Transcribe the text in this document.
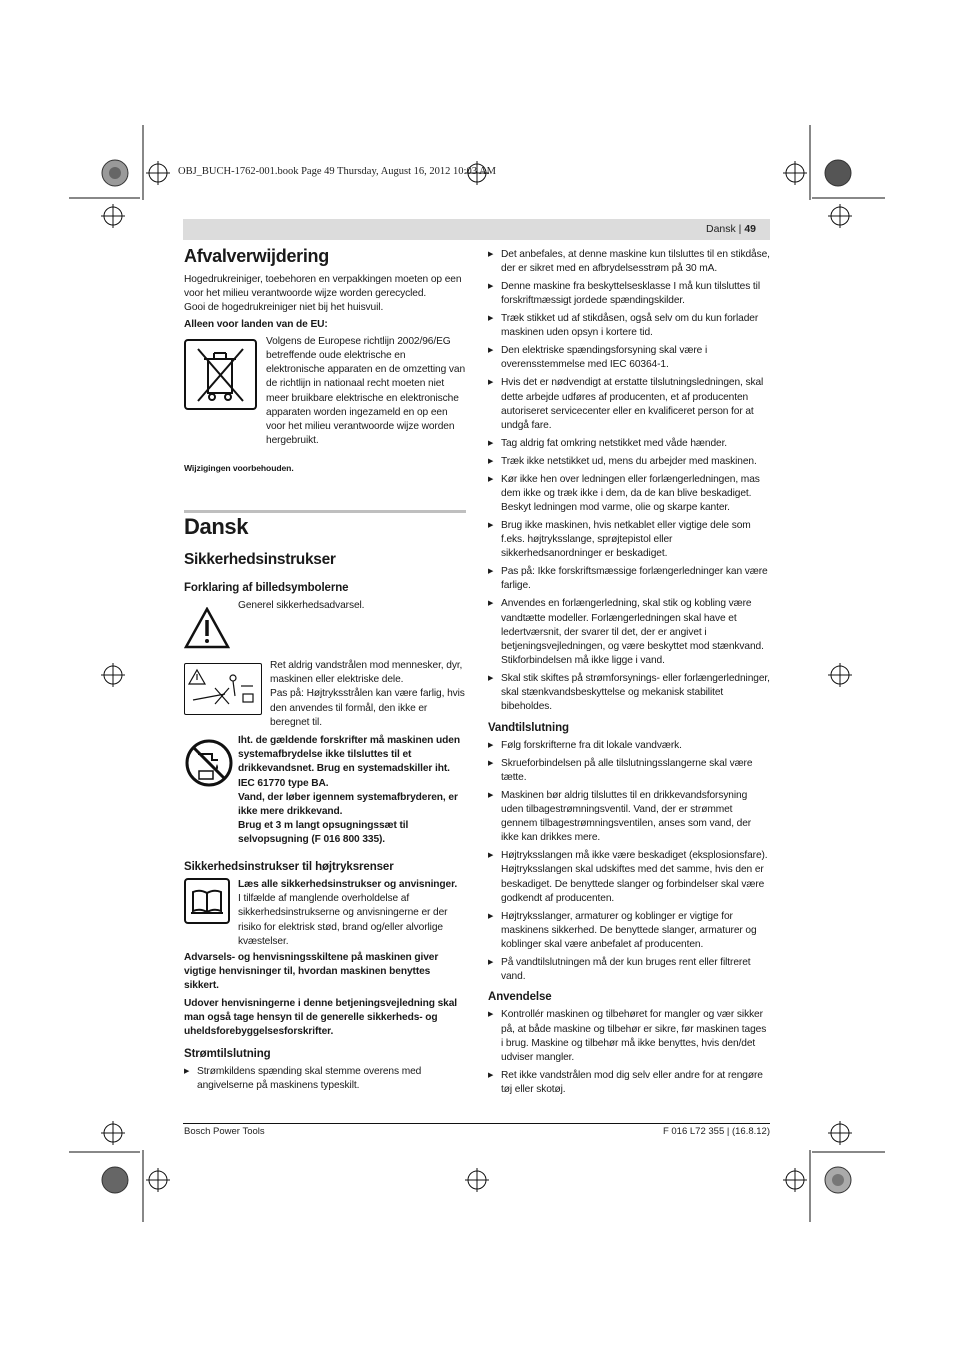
OBJ_BUCH-1762-001.book Page 49 Thursday, August 16, 2012 10:03 AM
Dansk | 49
Afvalverwijdering

Hogedrukreiniger, toebehoren en verpakkingen moeten op een voor het milieu verantwoorde wijze worden gerecycled.

Gooi de hogedrukreiniger niet bij het huisvuil.

Alleen voor landen van de EU:

Volgens de Europese richtlijn 2002/96/EG betreffende oude elektrische en elektronische apparaten en de omzetting van de richtlijn in nationaal recht moeten niet meer bruikbare elektrische en elektronische apparaten worden ingezameld en op een voor het milieu verantwoorde wijze worden hergebruikt.

Wijzigingen voorbehouden.

Dansk
Sikkerhedsinstrukser
Forklaring af billedsymbolerne

Generel sikkerhedsadvarsel.

Ret aldrig vandstrålen mod mennesker, dyr, maskinen eller elektriske dele.

Pas på: Højtryksstrålen kan være farlig, hvis den anvendes til formål, den ikke er beregnet til.

Iht. de gældende forskrifter må maskinen uden systemafbrydelse ikke tilsluttes til et drikkevandsnet. Brug en systemadskiller iht. IEC 61770 type BA.

Vand, der løber igennem systemafbryderen, er ikke mere drikkevand.

Brug et 3 m langt opsugningssæt til selvopsugning (F 016 800 335).

Sikkerhedsinstrukser til højtryksrenser

Læs alle sikkerhedsinstrukser og anvisninger.

I tilfælde af manglende overholdelse af sikkerhedsinstrukserne og anvisningerne er der risiko for elektrisk stød, brand og/eller alvorlige kvæstelser.

Advarsels- og henvisningsskiltene på maskinen giver vigtige henvisninger til, hvordan maskinen benyttes sikkert.

Udover henvisningerne i denne betjeningsvejledning skal man også tage hensyn til de generelle sikkerheds- og uheldsforebyggelsesforskrifter.

Strømtilslutning
▶ Strømkildens spænding skal stemme overens med angivelserne på maskinens typeskilt.
▶ Det anbefales, at denne maskine kun tilsluttes til en stikdåse, der er sikret med en afbrydelsesstrøm på 30 mA.
▶ Denne maskine fra beskyttelsesklasse I må kun tilsluttes til forskriftmæssigt jordede spændingskilder.
▶ Træk stikket ud af stikdåsen, også selv om du kun forlader maskinen uden opsyn i kortere tid.
▶ Den elektriske spændingsforsyning skal være i overensstemmelse med IEC 60364-1.
▶ Hvis det er nødvendigt at erstatte tilslutningsledningen, skal dette arbejde udføres af producenten, et af producenten autoriseret servicecenter eller en kvalificeret person for at undgå fare.
▶ Tag aldrig fat omkring netstikket med våde hænder.
▶ Træk ikke netstikket ud, mens du arbejder med maskinen.
▶ Kør ikke hen over ledningen eller forlængerledningen, mas dem ikke og træk ikke i dem, da de kan blive beskadiget. Beskyt ledningen mod varme, olie og skarpe kanter.
▶ Brug ikke maskinen, hvis netkablet eller vigtige dele som f.eks. højtryksslange, sprøjtepistol eller sikkerhedsanordninger er beskadiget.
▶ Pas på: Ikke forskriftsmæssige forlængerledninger kan være farlige.
▶ Anvendes en forlængerledning, skal stik og kobling være vandtætte modeller. Forlængerledningen skal have et ledertværsnit, der svarer til det, der er angivet i betjeningsvejledningen, og være beskyttet mod stænkvand. Stikforbindelsen må ikke ligge i vand.
▶ Skal stik skiftes på strømforsynings- eller forlængerledninger, skal stænkvandsbeskyttelse og mekanisk stabilitet bibeholdes.
Vandtilslutning
▶ Følg forskrifterne fra dit lokale vandværk.
▶ Skrueforbindelsen på alle tilslutningsslangerne skal være tætte.
▶ Maskinen bør aldrig tilsluttes til en drikkevandsforsyning uden tilbagestrømningsventil. Vand, der er strømmet gennem tilbagestrømningsventilen, anses som vand, der ikke kan drikkes mere.
▶ Højtryksslangen må ikke være beskadiget (eksplosionsfare). Højtryksslangen skal udskiftes med det samme, hvis den er beskadiget. De benyttede slanger og forbindelser skal være godkendt af producenten.
▶ Højtryksslanger, armaturer og koblinger er vigtige for maskinens sikkerhed. De benyttede slanger, armaturer og koblinger skal være anbefalet af producenten.
▶ På vandtilslutningen må der kun bruges rent eller filtreret vand.
Anvendelse
▶ Kontrollér maskinen og tilbehøret for mangler og vær sikker på, at både maskine og tilbehør er sikre, før maskinen tages i brug. Maskine og tilbehør må ikke benyttes, hvis den/det udviser mangler.
▶ Ret ikke vandstrålen mod dig selv eller andre for at rengøre tøj eller skotøj.
Bosch Power Tools	F 016 L72 355 | (16.8.12)
